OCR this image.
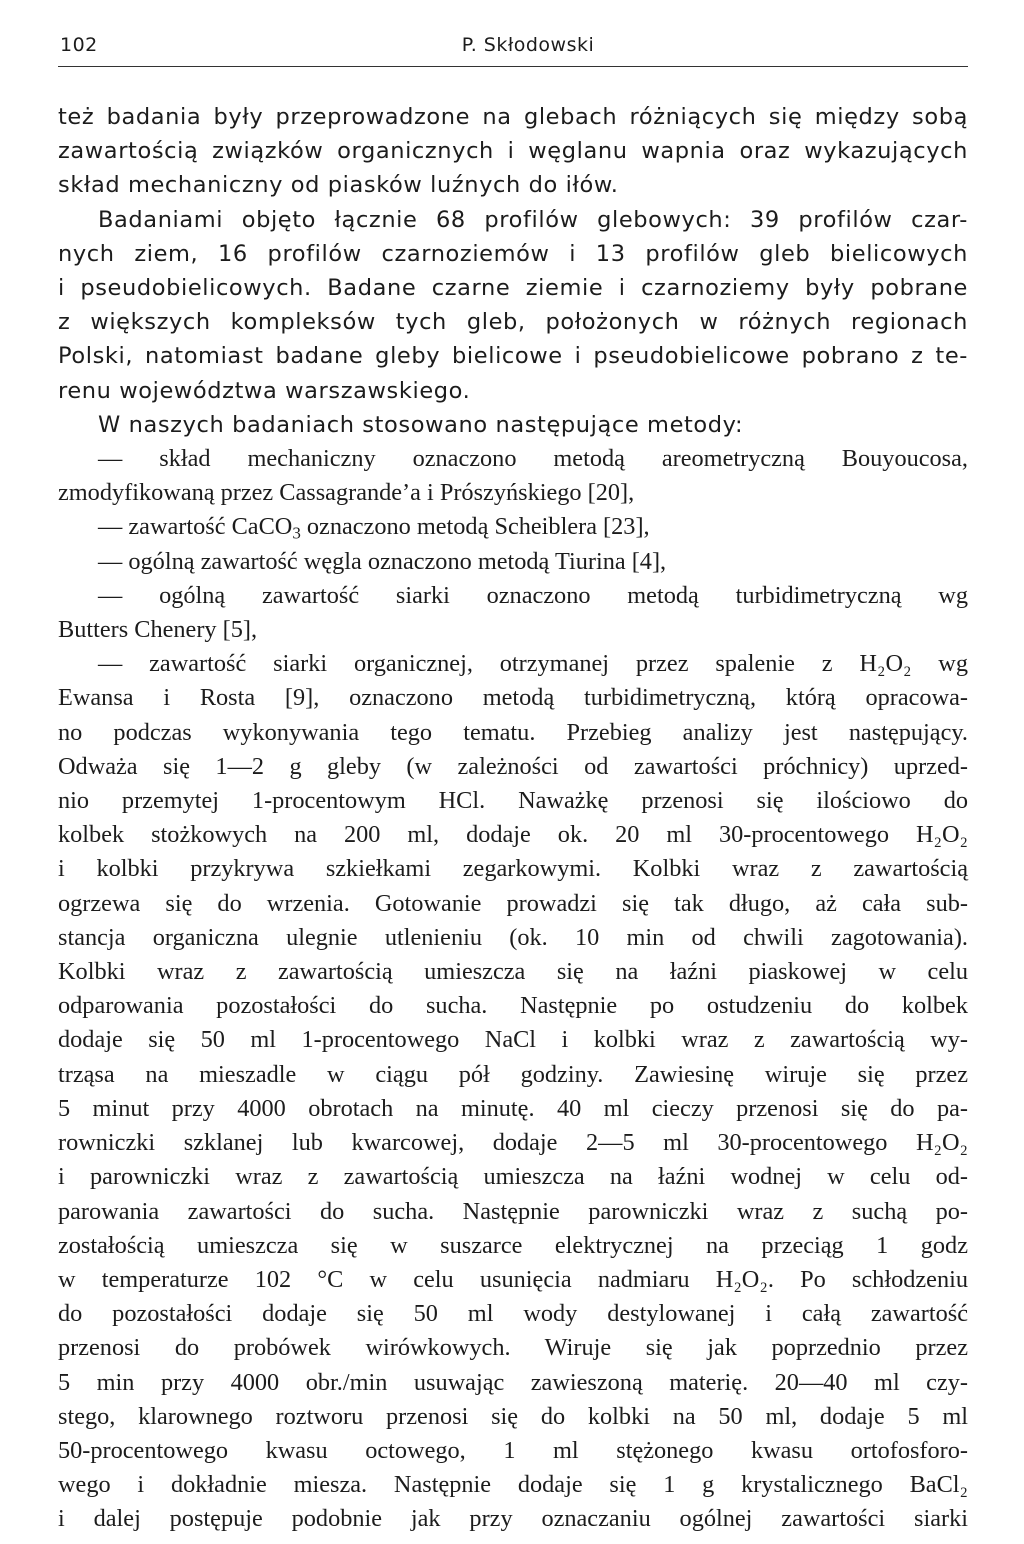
102	P. Skłodowski
też badania były przeprowadzone na glebach różniących się między sobą
zawartością związków organicznych i węglanu wapnia oraz wykazujących
skład mechaniczny od piasków luźnych do iłów.
Badaniami objęto łącznie 68 profilów glebowych: 39 profilów czar-
nych ziem, 16 profilów czarnoziemów i 13 profilów gleb bielicowych
i pseudobielicowych. Badane czarne ziemie i czarnoziemy były pobrane
z większych kompleksów tych gleb, położonych w różnych regionach
Polski, natomiast badane gleby bielicowe i pseudobielicowe pobrano z te-
renu województwa warszawskiego.
W naszych badaniach stosowano następujące metody:
— skład mechaniczny oznaczono metodą areometryczną Bouyoucosa,
zmodyfikowaną przez Cassagrande’a i Prószyńskiego [20],
— zawartość CaCO$_3$ oznaczono metodą Scheiblera [23],
— ogólną zawartość węgla oznaczono metodą Tiurina [4],
— ogólną zawartość siarki oznaczono metodą turbidimetryczną wg
Butters Chenery [5],
— zawartość siarki organicznej, otrzymanej przez spalenie z H₂O₂ wg
Ewansa i Rosta [9], oznaczono metodą turbidimetryczną, którą opracowa-
no podczas wykonywania tego tematu. Przebieg analizy jest następujący.
Odważa się 1—2 g gleby (w zależności od zawartości próchnicy) uprzed-
nio przemytej 1-procentowym HCl. Naważkę przenosi się ilościowo do
kolbek stożkowych na 200 ml, dodaje ok. 20 ml 30-procentowego H₂O₂
i kolbki przykrywa szkiełkami zegarkowymi. Kolbki wraz z zawartością
ogrzewa się do wrzenia. Gotowanie prowadzi się tak długo, aż cała sub-
stancja organiczna ulegnie utlenieniu (ok. 10 min od chwili zagotowania).
Kolbki wraz z zawartością umieszcza się na łaźni piaskowej w celu
odparowania pozostałości do sucha. Następnie po ostudzeniu do kolbek
dodaje się 50 ml 1-procentowego NaCl i kolbki wraz z zawartością wy-
trząsa na mieszadle w ciągu pół godziny. Zawiesinę wiruje się przez
5 minut przy 4000 obrotach na minutę. 40 ml cieczy przenosi się do pa-
rowniczki szklanej lub kwarcowej, dodaje 2—5 ml 30-procentowego H₂O₂
i parowniczki wraz z zawartością umieszcza na łaźni wodnej w celu od-
parowania zawartości do sucha. Następnie parowniczki wraz z suchą po-
zostałością umieszcza się w suszarce elektrycznej na przeciąg 1 godz
w temperaturze 102 °C w celu usunięcia nadmiaru H₂O₂. Po schłodzeniu
do pozostałości dodaje się 50 ml wody destylowanej i całą zawartość
przenosi do probówek wirówkowych. Wiruje się jak poprzednio przez
5 min przy 4000 obr./min usuwając zawieszoną materię. 20—40 ml czy-
stego, klarownego roztworu przenosi się do kolbki na 50 ml, dodaje 5 ml
50-procentowego kwasu octowego, 1 ml stężonego kwasu ortofosforo-
wego i dokładnie miesza. Następnie dodaje się 1 g krystalicznego BaCl₂
i dalej postępuje podobnie jak przy oznaczaniu ogólnej zawartości siarki
